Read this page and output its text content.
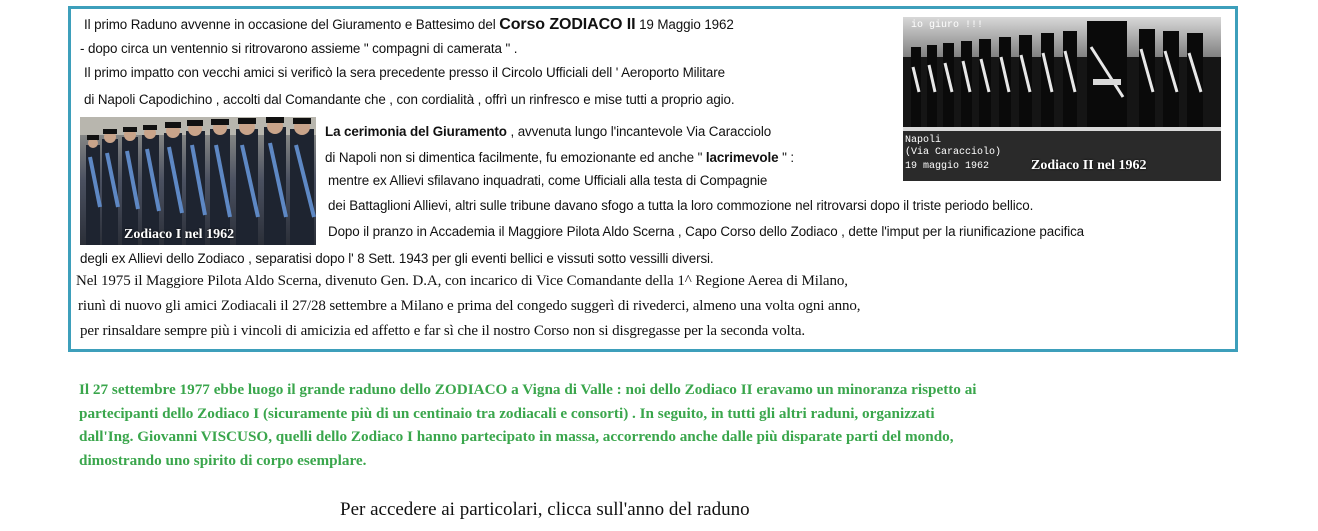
Il primo Raduno avvenne in occasione del Giuramento e Battesimo del Corso ZODIACO II 19 Maggio 1962
- dopo circa un ventennio si ritrovarono assieme " compagni di camerata " .
Il primo impatto con vecchi amici si verificò la sera precedente presso il Circolo Ufficiali dell ' Aeroporto Militare
di Napoli Capodichino , accolti dal Comandante che , con cordialità , offrì un rinfresco e mise tutti a proprio agio.
La cerimonia del Giuramento , avvenuta lungo l'incantevole Via Caracciolo
di Napoli non si dimentica facilmente, fu emozionante ed anche " lacrimevole " :
mentre ex Allievi sfilavano inquadrati, come Ufficiali alla testa di Compagnie
dei Battaglioni Allievi, altri sulle tribune davano sfogo a tutta la loro commozione nel ritrovarsi dopo il triste periodo bellico.
Dopo il pranzo in Accademia il Maggiore Pilota Aldo Scerna , Capo Corso dello Zodiaco , dette l'imput per la riunificazione pacifica
degli ex Allievi dello Zodiaco , separatisi dopo l' 8 Sett. 1943 per gli eventi bellici e vissuti sotto vessilli diversi.
Nel 1975 il Maggiore Pilota Aldo Scerna, divenuto Gen. D.A, con incarico di Vice Comandante della 1^ Regione Aerea di Milano,
riunì di nuovo gli amici Zodiacali il 27/28 settembre a Milano e prima del congedo suggerì di rivederci, almeno una volta ogni anno,
per rinsaldare sempre più i vincoli di amicizia ed affetto e far sì che il nostro Corso non si disgregasse per la seconda volta.
Zodiaco I nel 1962
io giuro !!!
Napoli
(Via Caracciolo)
19 maggio 1962	Zodiaco II nel 1962
Il 27 settembre 1977 ebbe luogo il grande raduno dello ZODIACO a Vigna di Valle : noi dello Zodiaco II eravamo un minoranza rispetto ai
partecipanti dello Zodiaco I (sicuramente più di un centinaio tra zodiacali e consorti) . In seguito, in tutti gli altri raduni, organizzati
dall'Ing. Giovanni VISCUSO, quelli dello Zodiaco I hanno partecipato in massa, accorrendo anche dalle più disparate parti del mondo,
dimostrando uno spirito di corpo esemplare.
Per accedere ai particolari, clicca sull'anno del raduno
